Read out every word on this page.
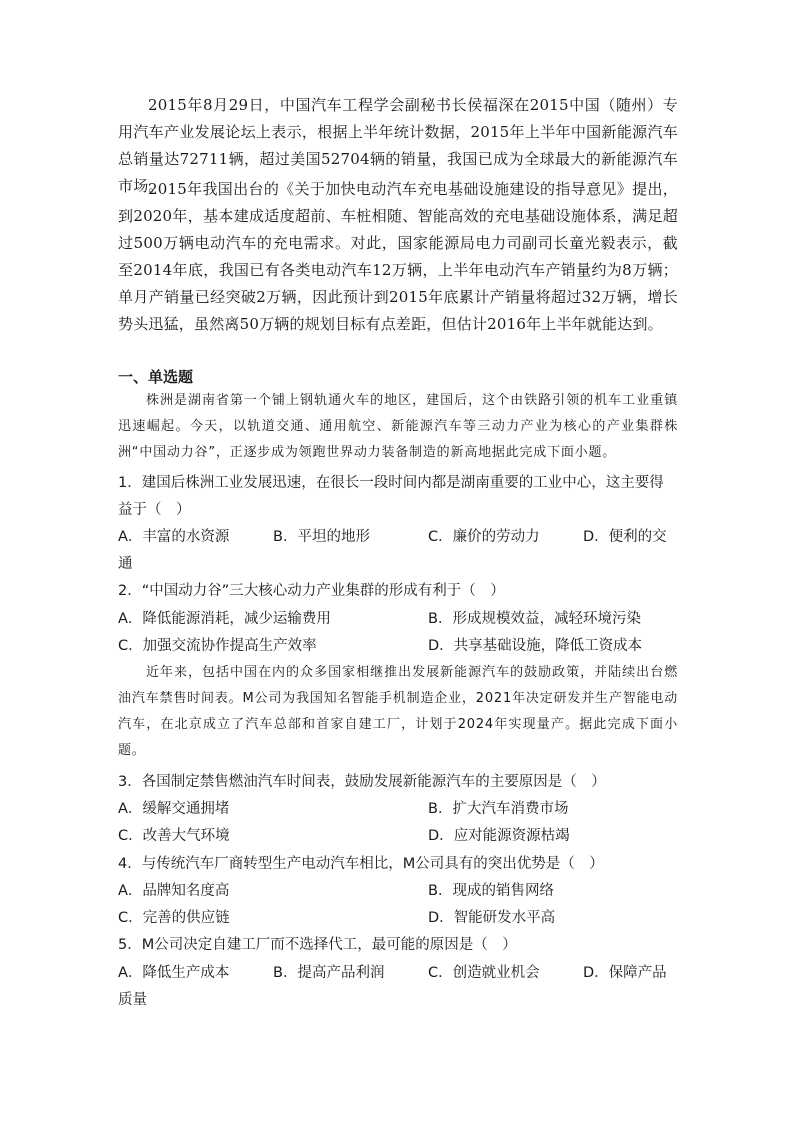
2015年8月29日，中国汽车工程学会副秘书长侯福深在2015中国（随州）专用汽车产业发展论坛上表示，根据上半年统计数据，2015年上半年中国新能源汽车总销量达72711辆，超过美国52704辆的销量，我国已成为全球最大的新能源汽车市场。

2015年我国出台的《关于加快电动汽车充电基础设施建设的指导意见》提出，到2020年，基本建成适度超前、车桩相随、智能高效的充电基础设施体系，满足超过500万辆电动汽车的充电需求。对此，国家能源局电力司副司长童光毅表示，截至2014年底，我国已有各类电动汽车12万辆，上半年电动汽车产销量约为8万辆；单月产销量已经突破2万辆，因此预计到2015年底累计产销量将超过32万辆，增长势头迅猛，虽然离50万辆的规划目标有点差距，但估计2016年上半年就能达到。

一、单选题

株洲是湖南省第一个铺上钢轨通火车的地区，建国后，这个由铁路引领的机车工业重镇迅速崛起。今天，以轨道交通、通用航空、新能源汽车等三动力产业为核心的产业集群株洲“中国动力谷”，正逐步成为领跑世界动力装备制造的新高地据此完成下面小题。

1．建国后株洲工业发展迅速，在很长一段时间内都是湖南重要的工业中心，这主要得益于（　）

A．丰富的水资源	B．平坦的地形	C．廉价的劳动力	D．便利的交
通

2．“中国动力谷”三大核心动力产业集群的形成有利于（　）

A．降低能源消耗，减少运输费用	B．形成规模效益，减轻环境污染
C．加强交流协作提高生产效率	D．共享基础设施，降低工资成本

近年来，包括中国在内的众多国家相继推出发展新能源汽车的鼓励政策，并陆续出台燃油汽车禁售时间表。M公司为我国知名智能手机制造企业，2021年决定研发并生产智能电动汽车，在北京成立了汽车总部和首家自建工厂，计划于2024年实现量产。据此完成下面小题。

3．各国制定禁售燃油汽车时间表，鼓励发展新能源汽车的主要原因是（　）

A．缓解交通拥堵	B．扩大汽车消费市场
C．改善大气环境	D．应对能源资源枯竭

4．与传统汽车厂商转型生产电动汽车相比，M公司具有的突出优势是（　）

A．品牌知名度高	B．现成的销售网络
C．完善的供应链	D．智能研发水平高

5．M公司决定自建工厂而不选择代工，最可能的原因是（　）

A．降低生产成本	B．提高产品利润	C．创造就业机会	D．保障产品
质量
